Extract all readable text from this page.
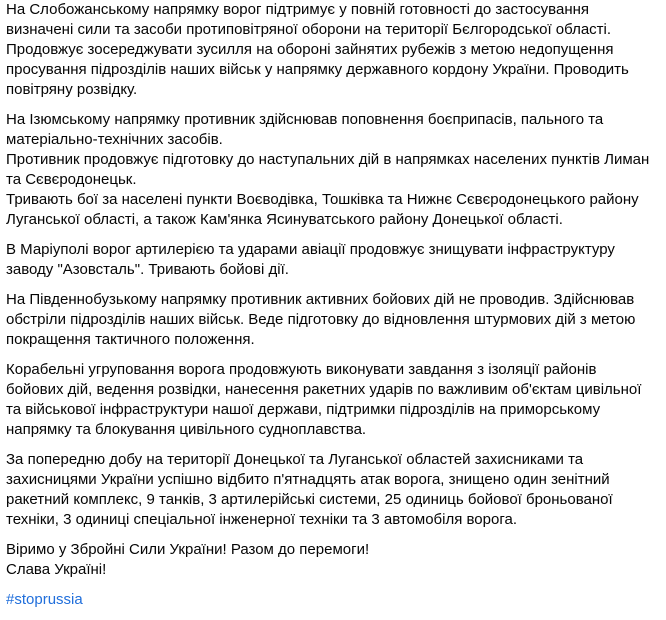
На Слобожанському напрямку ворог підтримує у повній готовності до застосування
визначені сили та засоби протиповітряної оборони на території Бєлгородської області.
Продовжує зосереджувати зусилля на обороні зайнятих рубежів з метою недопущення
просування підрозділів наших військ у напрямку державного кордону України. Проводить
повітряну розвідку.
На Ізюмському напрямку противник здійснював поповнення боєприпасів, пального та
матеріально-технічних засобів.
Противник продовжує підготовку до наступальних дій в напрямках населених пунктів Лиман
та Сєвєродонецьк.
Тривають бої за населені пункти Воєводівка, Тошківка та Нижнє Сєвєродонецького району
Луганської області, а також Кам'янка Ясинуватського району Донецької області.
В Маріуполі ворог артилерією та ударами авіації продовжує знищувати інфраструктуру
заводу "Азовсталь". Тривають бойові дії.
На Південнобузькому напрямку противник активних бойових дій не проводив. Здійснював
обстріли підрозділів наших військ. Веде підготовку до відновлення штурмових дій з метою
покращення тактичного положення.
Корабельні угруповання ворога продовжують виконувати завдання з ізоляції районів
бойових дій, ведення розвідки, нанесення ракетних ударів по важливим об'єктам цивільної
та військової інфраструктури нашої держави, підтримки підрозділів на приморському
напрямку та блокування цивільного судноплавства.
За попередню добу на території Донецької та Луганської областей захисниками та
захисницями України успішно відбито п'ятнадцять атак ворога, знищено один зенітний
ракетний комплекс, 9 танків, 3 артилерійські системи, 25 одиниць бойової броньованої
техніки, 3 одиниці спеціальної інженерної техніки та 3 автомобіля ворога.
Віримо у Збройні Сили України! Разом до перемоги!
Слава Україні!
#stoprussia
